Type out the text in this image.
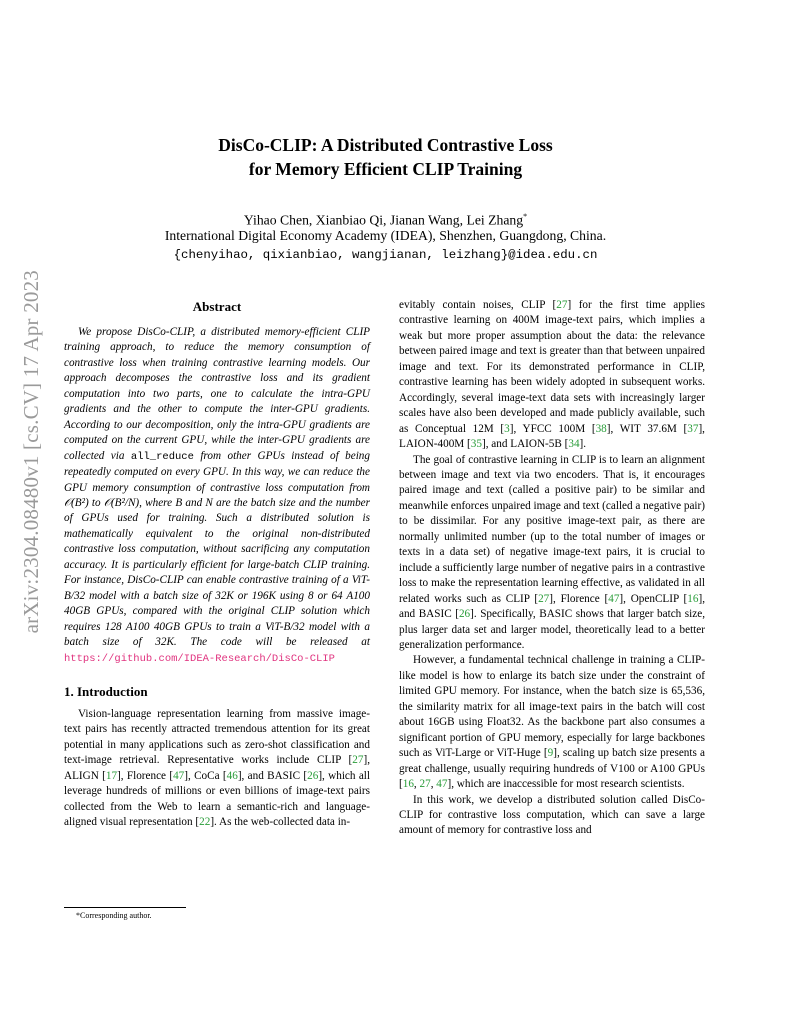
arXiv:2304.08480v1 [cs.CV] 17 Apr 2023
DisCo-CLIP: A Distributed Contrastive Loss
for Memory Efficient CLIP Training
Yihao Chen, Xianbiao Qi, Jianan Wang, Lei Zhang*
International Digital Economy Academy (IDEA), Shenzhen, Guangdong, China.
{chenyihao, qixianbiao, wangjianan, leizhang}@idea.edu.cn
Abstract

We propose DisCo-CLIP, a distributed memory-efficient CLIP training approach, to reduce the memory consumption of contrastive loss when training contrastive learning models. Our approach decomposes the contrastive loss and its gradient computation into two parts, one to calculate the intra-GPU gradients and the other to compute the inter-GPU gradients. According to our decomposition, only the intra-GPU gradients are computed on the current GPU, while the inter-GPU gradients are collected via all_reduce from other GPUs instead of being repeatedly computed on every GPU. In this way, we can reduce the GPU memory consumption of contrastive loss computation from 𝒪(B²) to 𝒪(B²/N), where B and N are the batch size and the number of GPUs used for training. Such a distributed solution is mathematically equivalent to the original non-distributed contrastive loss computation, without sacrificing any computation accuracy. It is particularly efficient for large-batch CLIP training. For instance, DisCo-CLIP can enable contrastive training of a ViT-B/32 model with a batch size of 32K or 196K using 8 or 64 A100 40GB GPUs, compared with the original CLIP solution which requires 128 A100 40GB GPUs to train a ViT-B/32 model with a batch size of 32K. The code will be released at https://github.com/IDEA-Research/DisCo-CLIP

1. Introduction

Vision-language representation learning from massive image-text pairs has recently attracted tremendous attention for its great potential in many applications such as zero-shot classification and text-image retrieval. Representative works include CLIP [27], ALIGN [17], Florence [47], CoCa [46], and BASIC [26], which all leverage hundreds of millions or even billions of image-text pairs collected from the Web to learn a semantic-rich and language-aligned visual representation [22]. As the web-collected data in-

evitably contain noises, CLIP [27] for the first time applies contrastive learning on 400M image-text pairs, which implies a weak but more proper assumption about the data: the relevance between paired image and text is greater than that between unpaired image and text. For its demonstrated performance in CLIP, contrastive learning has been widely adopted in subsequent works. Accordingly, several image-text data sets with increasingly larger scales have also been developed and made publicly available, such as Conceptual 12M [3], YFCC 100M [38], WIT 37.6M [37], LAION-400M [35], and LAION-5B [34].

The goal of contrastive learning in CLIP is to learn an alignment between image and text via two encoders. That is, it encourages paired image and text (called a positive pair) to be similar and meanwhile enforces unpaired image and text (called a negative pair) to be dissimilar. For any positive image-text pair, as there are normally unlimited number (up to the total number of images or texts in a data set) of negative image-text pairs, it is crucial to include a sufficiently large number of negative pairs in a contrastive loss to make the representation learning effective, as validated in all related works such as CLIP [27], Florence [47], OpenCLIP [16], and BASIC [26]. Specifically, BASIC shows that larger batch size, plus larger data set and larger model, theoretically lead to a better generalization performance.

However, a fundamental technical challenge in training a CLIP-like model is how to enlarge its batch size under the constraint of limited GPU memory. For instance, when the batch size is 65,536, the similarity matrix for all image-text pairs in the batch will cost about 16GB using Float32. As the backbone part also consumes a significant portion of GPU memory, especially for large backbones such as ViT-Large or ViT-Huge [9], scaling up batch size presents a great challenge, usually requiring hundreds of V100 or A100 GPUs [16, 27, 47], which are inaccessible for most research scientists.

In this work, we develop a distributed solution called DisCo-CLIP for contrastive loss computation, which can save a large amount of memory for contrastive loss and

*Corresponding author.
